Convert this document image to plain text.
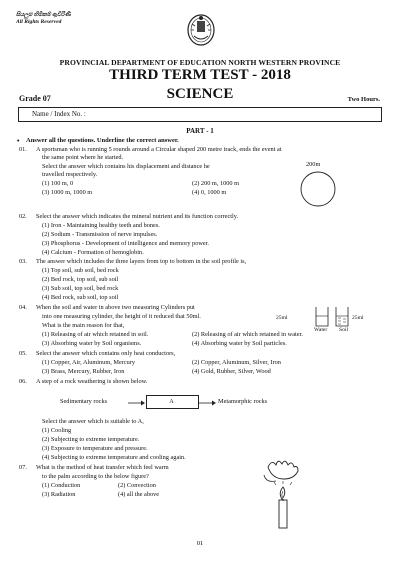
සියලුම හිමිකම් ඇවිරිණි
All Rights Reserved
PROVINCIAL DEPARTMENT OF EDUCATION NORTH WESTERN PROVINCE
THIRD TERM TEST - 2018
SCIENCE
Grade 07	Two Hours.
Name / Index No. :
PART - 1
• Answer all the questions. Underline the correct answer.
01. A sportsman who is running 5 rounds around a Circular shaped 200 metre track, ends the event at
the same point where he started.
Select the answer which contains his displacement and distance he
travelled respectively.
(1) 100 m, 0	(2) 200 m, 1000 m
(3) 1000 m, 1000 m	(4) 0, 1000 m
200m
02. Select the answer which indicates the mineral nutrient and its function correctly.
(1) Iron - Maintaining healthy teeth and bones.
(2) Sodium - Transmission of nerve impulses.
(3) Phosphorus - Development of intelligence and memory power.
(4) Calcium - Formation of hemoglobin.
03. The answer which includes the three layers from top to bottom in the soil profile is,
(1) Top soil, sub soil, bed rock
(2) Bed rock, top soil, sub soil
(3) Sub soil, top soil, bed rock
(4) Bed rock, sub soil, top soil
04. When the soil and water in above two measuring Cylinders put
into one measuring cylinder, the height of it reduced that 50ml.
What is the main reason for that,
(1) Releasing of air which retained in soil.	(2) Releasing of air which retained in water.
(3) Absorbing water by Soil organisms.	(4) Absorbing water by Soil particles.
25ml	25ml
Water Soil
05. Select the answer which contains only heat conductors,
(1) Copper, Air, Aluminum, Mercury	(2) Copper, Aluminum, Silver, Iron
(3) Brass, Mercury, Rubber, Iron	(4) Gold, Rubber, Silver, Wood
06. A step of a rock weathering is shown below.
Sedimentary rocks	A	Metamorphic rocks
Select the answer which is suitable to A,
(1) Cooling
(2) Subjecting to extreme temperature.
(3) Exposure to temperature and pressure.
(4) Subjecting to extreme temperature and cooling again.
07. What is the method of heat transfer which feel warm
to the palm according to the below figure?
(1) Conduction	(2) Convection
(3) Radiation	(4) all the above
01
